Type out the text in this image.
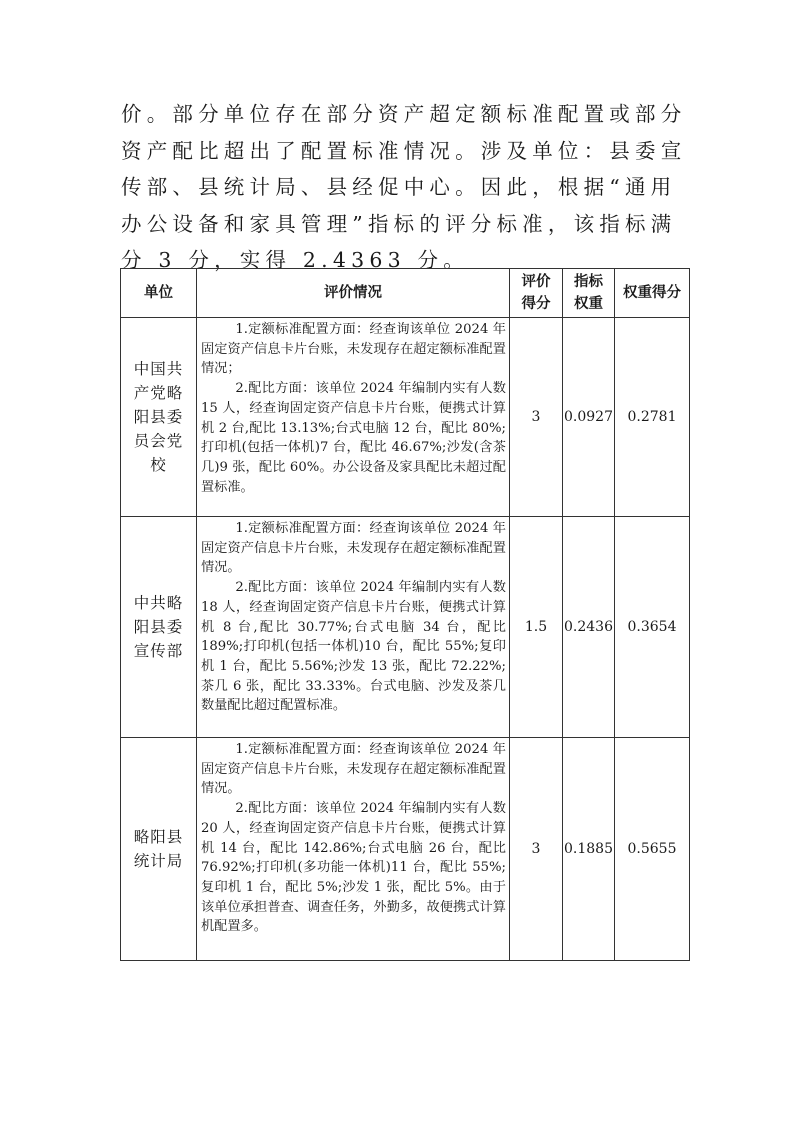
价。部分单位存在部分资产超定额标准配置或部分资产配比超出了配置标准情况。涉及单位：县委宣传部、县统计局、县经促中心。因此，根据“通用办公设备和家具管理”指标的评分标准，该指标满分 3 分，实得 2.4363 分。

单位	评价情况	评价得分	指标权重	权重得分
中国共产党略阳县委员会党校	1.定额标准配置方面：经查询该单位 2024 年固定资产信息卡片台账，未发现存在超定额标准配置情况；

2.配比方面：该单位 2024 年编制内实有人数 15 人，经查询固定资产信息卡片台账，便携式计算机 2 台,配比 13.13%;台式电脑 12 台，配比 80%;打印机(包括一体机)7 台，配比 46.67%;沙发(含茶几)9 张，配比 60%。办公设备及家具配比未超过配置标准。	3	0.0927	0.2781
中共略阳县委宣传部	1.定额标准配置方面：经查询该单位 2024 年固定资产信息卡片台账，未发现存在超定额标准配置情况。

2.配比方面：该单位 2024 年编制内实有人数 18 人，经查询固定资产信息卡片台账，便携式计算机 8 台,配比 30.77%;台式电脑 34 台，配比 189%;打印机(包括一体机)10 台，配比 55%;复印机 1 台，配比 5.56%;沙发 13 张，配比 72.22%;茶几 6 张，配比 33.33%。台式电脑、沙发及茶几数量配比超过配置标准。	1.5	0.2436	0.3654
略阳县统计局	1.定额标准配置方面：经查询该单位 2024 年固定资产信息卡片台账，未发现存在超定额标准配置情况。

2.配比方面：该单位 2024 年编制内实有人数 20 人，经查询固定资产信息卡片台账，便携式计算机 14 台，配比 142.86%;台式电脑 26 台，配比 76.92%;打印机(多功能一体机)11 台，配比 55%;复印机 1 台，配比 5%;沙发 1 张，配比 5%。由于该单位承担普查、调查任务，外勤多，故便携式计算机配置多。	3	0.1885	0.5655
